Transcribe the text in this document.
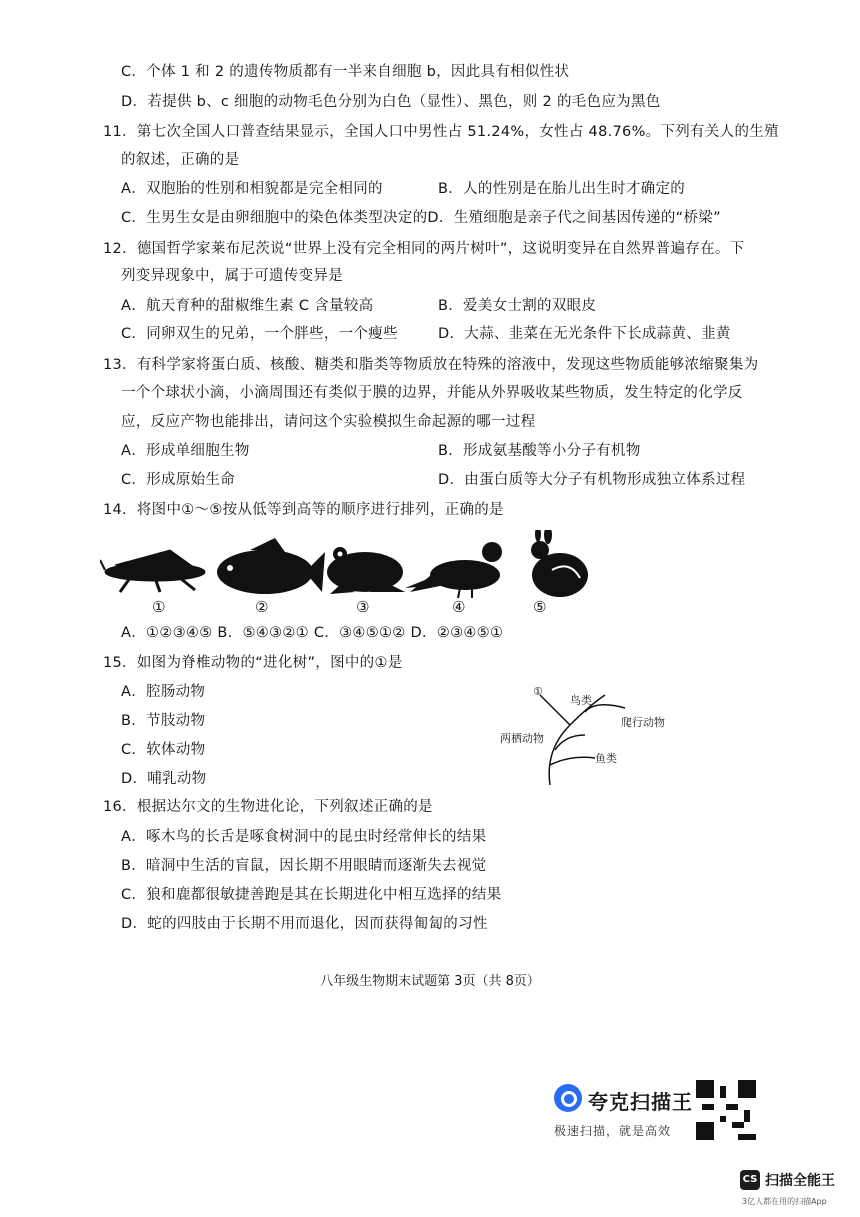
C．个体 1 和 2 的遗传物质都有一半来自细胞 b，因此具有相似性状
D．若提供 b、c 细胞的动物毛色分别为白色（显性）、黑色，则 2 的毛色应为黑色
11．第七次全国人口普查结果显示，全国人口中男性占 51.24%，女性占 48.76%。下列有关人的生殖
的叙述，正确的是
A．双胞胎的性别和相貌都是完全相同的	B．人的性别是在胎儿出生时才确定的
C．生男生女是由卵细胞中的染色体类型决定的D．生殖细胞是亲子代之间基因传递的“桥梁”
12．德国哲学家莱布尼茨说“世界上没有完全相同的两片树叶”，这说明变异在自然界普遍存在。下
列变异现象中，属于可遗传变异是
A．航天育种的甜椒维生素 C 含量较高	B．爱美女士割的双眼皮
C．同卵双生的兄弟，一个胖些，一个瘦些	D．大蒜、韭菜在无光条件下长成蒜黄、韭黄
13．有科学家将蛋白质、核酸、糖类和脂类等物质放在特殊的溶液中，发现这些物质能够浓缩聚集为
一个个球状小滴，小滴周围还有类似于膜的边界，并能从外界吸收某些物质，发生特定的化学反
应，反应产物也能排出，请问这个实验模拟生命起源的哪一过程
A．形成单细胞生物	B．形成氨基酸等小分子有机物
C．形成原始生命	D．由蛋白质等大分子有机物形成独立体系过程
14．将图中①～⑤按从低等到高等的顺序进行排列，正确的是
A．①②③④⑤ B．⑤④③②① C．③④⑤①② D．②③④⑤①
15．如图为脊椎动物的“进化树”，图中的①是
A．腔肠动物
B．节肢动物
C．软体动物
D．哺乳动物
16．根据达尔文的生物进化论，下列叙述正确的是
A．啄木鸟的长舌是啄食树洞中的昆虫时经常伸长的结果
B．暗洞中生活的盲鼠，因长期不用眼睛而逐渐失去视觉
C．狼和鹿都很敏捷善跑是其在长期进化中相互选择的结果
D．蛇的四肢由于长期不用而退化，因而获得匍匐的习性
①	②	③	④	⑤
①
鸟类
爬行动物
两栖动物
鱼类
八年级生物期末试题第 3页（共 8页）
夸克扫描王
极速扫描，就是高效
CS 扫描全能王
3亿人都在用的扫描App
